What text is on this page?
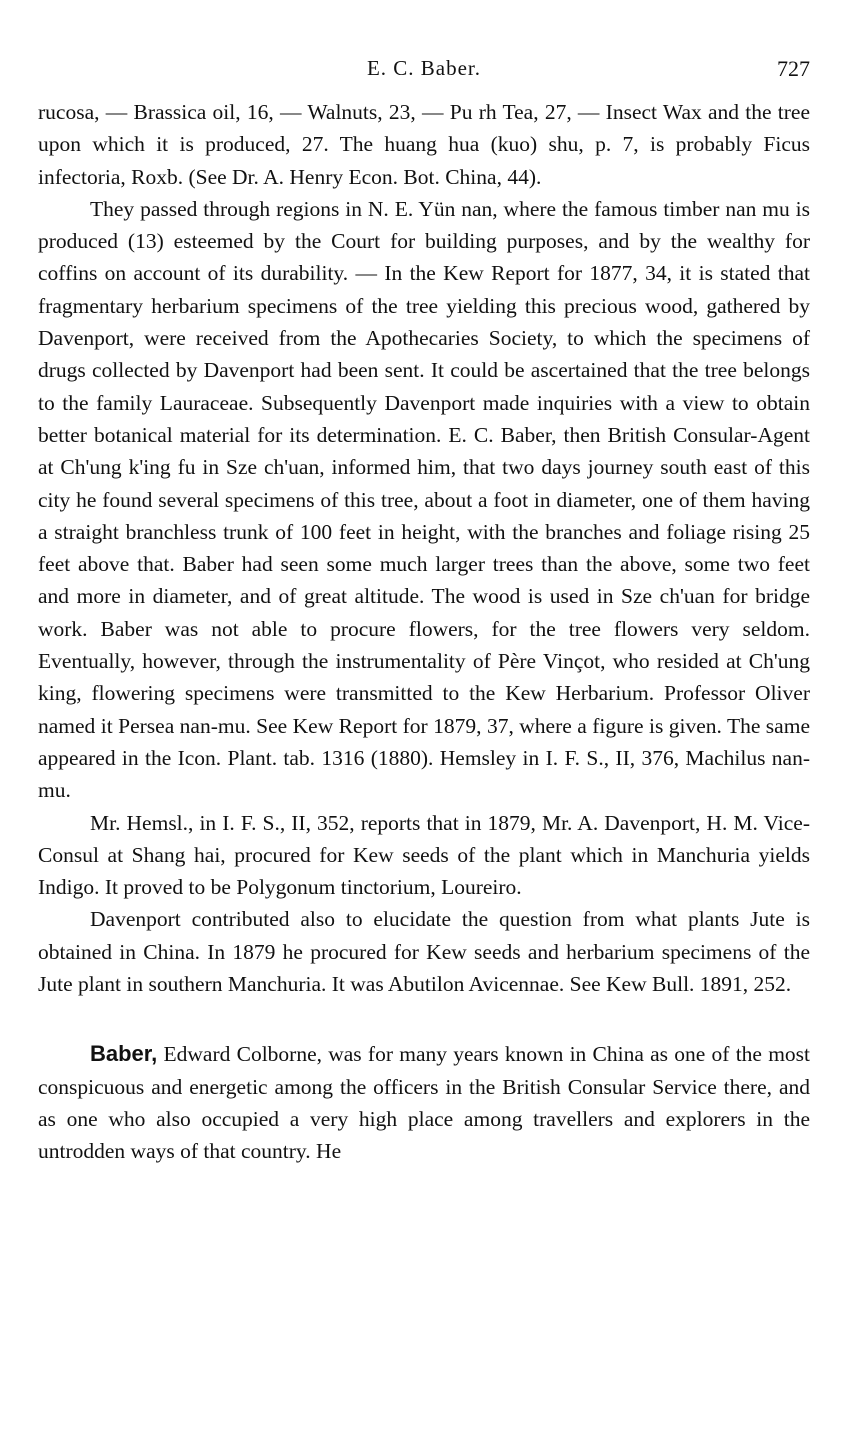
E. C. Baber.	727

rucosa, — Brassica oil, 16, — Walnuts, 23, — Pu rh Tea, 27, — Insect Wax and the tree upon which it is produced, 27. The huang hua (kuo) shu, p. 7, is probably Ficus infectoria, Roxb. (See Dr. A. Henry Econ. Bot. China, 44).

They passed through regions in N. E. Yün nan, where the famous timber nan mu is produced (13) esteemed by the Court for building purposes, and by the wealthy for coffins on account of its durability. — In the Kew Report for 1877, 34, it is stated that fragmentary herbarium specimens of the tree yielding this precious wood, gathered by Davenport, were received from the Apothecaries Society, to which the specimens of drugs collected by Davenport had been sent. It could be ascertained that the tree belongs to the family Lauraceae. Subsequently Davenport made inquiries with a view to obtain better botanical material for its determination. E. C. Baber, then British Consular-Agent at Ch'ung k'ing fu in Sze ch'uan, informed him, that two days journey south east of this city he found several specimens of this tree, about a foot in diameter, one of them having a straight branchless trunk of 100 feet in height, with the branches and foliage rising 25 feet above that. Baber had seen some much larger trees than the above, some two feet and more in diameter, and of great altitude. The wood is used in Sze ch'uan for bridge work. Baber was not able to procure flowers, for the tree flowers very seldom. Eventually, however, through the instrumentality of Père Vinçot, who resided at Ch'ung king, flowering specimens were transmitted to the Kew Herbarium. Professor Oliver named it Persea nan-mu. See Kew Report for 1879, 37, where a figure is given. The same appeared in the Icon. Plant. tab. 1316 (1880). Hemsley in I. F. S., II, 376, Machilus nan-mu.

Mr. Hemsl., in I. F. S., II, 352, reports that in 1879, Mr. A. Davenport, H. M. Vice-Consul at Shang hai, procured for Kew seeds of the plant which in Manchuria yields Indigo. It proved to be Polygonum tinctorium, Loureiro.

Davenport contributed also to elucidate the question from what plants Jute is obtained in China. In 1879 he procured for Kew seeds and herbarium specimens of the Jute plant in southern Manchuria. It was Abutilon Avicennae. See Kew Bull. 1891, 252.

Baber, Edward Colborne, was for many years known in China as one of the most conspicuous and energetic among the officers in the British Consular Service there, and as one who also occupied a very high place among travellers and explorers in the untrodden ways of that country. He
